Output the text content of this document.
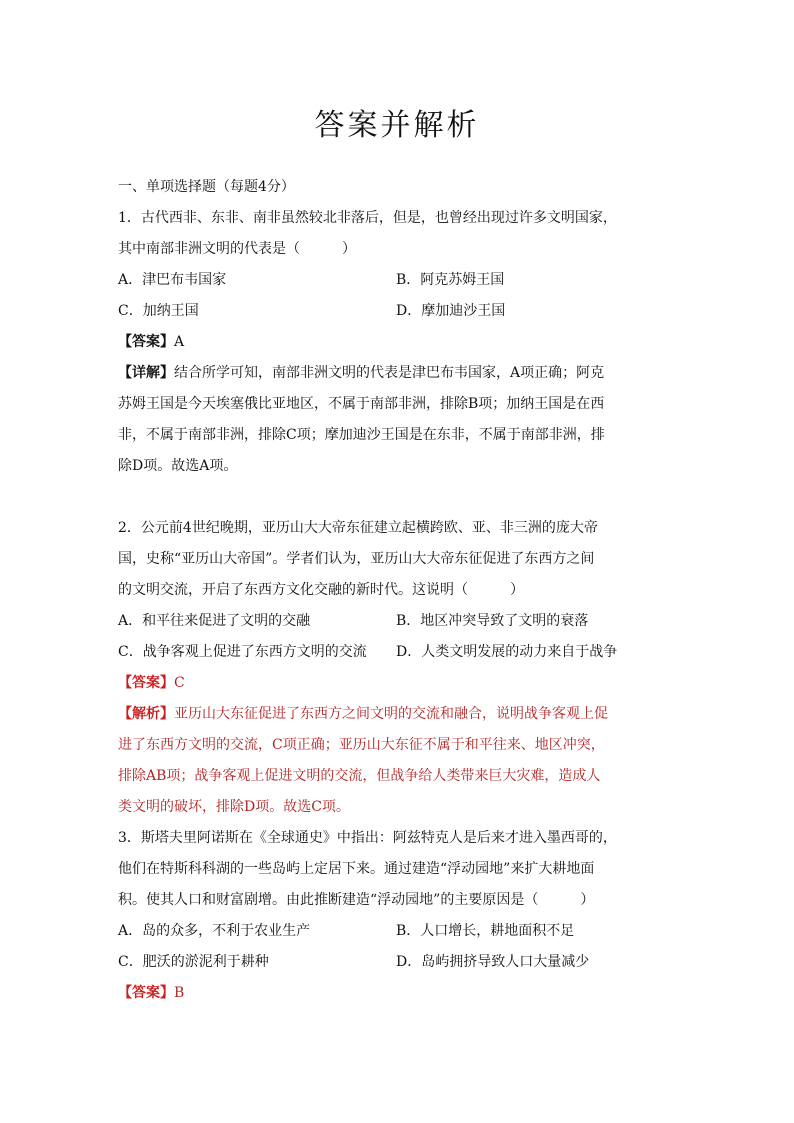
答案并解析
一、单项选择题（每题4分）
1．古代西非、东非、南非虽然较北非落后，但是，也曾经出现过许多文明国家，
其中南部非洲文明的代表是（　　　）
A．津巴布韦国家	B．阿克苏姆王国
C．加纳王国	D．摩加迪沙王国
【答案】A
【详解】结合所学可知，南部非洲文明的代表是津巴布韦国家，A项正确；阿克
苏姆王国是今天埃塞俄比亚地区，不属于南部非洲，排除B项；加纳王国是在西
非，不属于南部非洲，排除C项；摩加迪沙王国是在东非，不属于南部非洲，排
除D项。故选A项。
2．公元前4世纪晚期，亚历山大大帝东征建立起横跨欧、亚、非三洲的庞大帝
国，史称“亚历山大帝国”。学者们认为，亚历山大大帝东征促进了东西方之间
的文明交流，开启了东西方文化交融的新时代。这说明（　　　）
A．和平往来促进了文明的交融	B．地区冲突导致了文明的衰落
C．战争客观上促进了东西方文明的交流	D．人类文明发展的动力来自于战争
【答案】C
【解析】亚历山大东征促进了东西方之间文明的交流和融合，说明战争客观上促
进了东西方文明的交流，C项正确；亚历山大东征不属于和平往来、地区冲突，
排除AB项；战争客观上促进文明的交流，但战争给人类带来巨大灾难，造成人
类文明的破坏，排除D项。故选C项。
3．斯塔夫里阿诺斯在《全球通史》中指出：阿兹特克人是后来才进入墨西哥的，
他们在特斯科科湖的一些岛屿上定居下来。通过建造“浮动园地”来扩大耕地面
积。使其人口和财富剧增。由此推断建造“浮动园地”的主要原因是（　　　）
A．岛的众多，不利于农业生产	B．人口增长，耕地面积不足
C．肥沃的淤泥利于耕种	D．岛屿拥挤导致人口大量减少
【答案】B
